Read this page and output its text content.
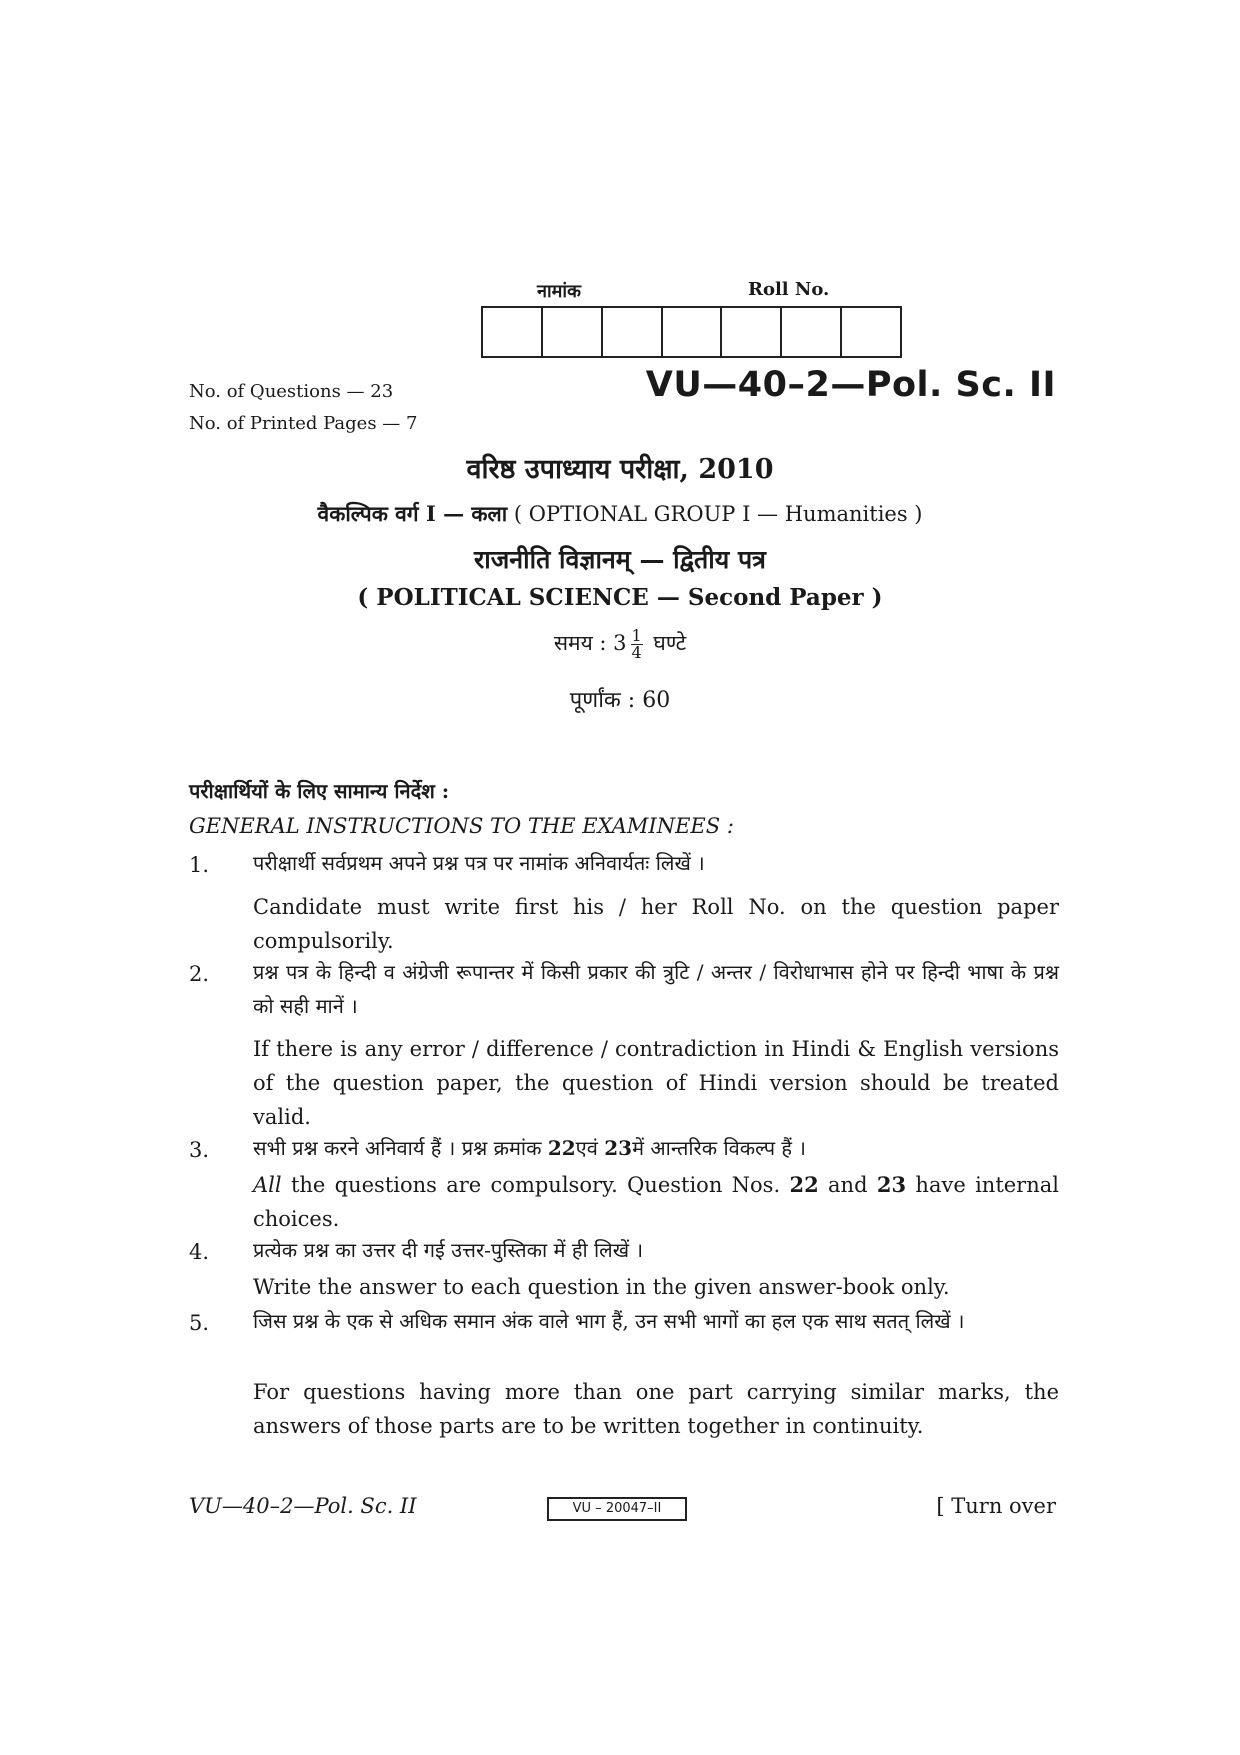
नामांक	Roll No.
No. of Questions — 23
No. of Printed Pages — 7
VU—40–2—Pol. Sc. II
वरिष्ठ उपाध्याय परीक्षा, 2010
वैकल्पिक वर्ग I — कला ( OPTIONAL GROUP I — Humanities )
राजनीति विज्ञानम् — द्वितीय पत्र
( POLITICAL SCIENCE — Second Paper )
समय : $3 \frac{1}{4}$ घण्टे
पूर्णांक : 60
परीक्षार्थियों के लिए सामान्य निर्देश :
GENERAL INSTRUCTIONS TO THE EXAMINEES :
1. परीक्षार्थी सर्वप्रथम अपने प्रश्न पत्र पर नामांक अनिवार्यतः लिखें ।
Candidate must write first his / her Roll No. on the question paper compulsorily.
2. प्रश्न पत्र के हिन्दी व अंग्रेजी रूपान्तर में किसी प्रकार की त्रुटि / अन्तर / विरोधाभास होने पर हिन्दी भाषा के प्रश्न को सही मानें ।
If there is any error / difference / contradiction in Hindi & English versions of the question paper, the question of Hindi version should be treated valid.
3. सभी प्रश्न करने अनिवार्य हैं । प्रश्न क्रमांक 22एवं 23में आन्तरिक विकल्प हैं ।
All the questions are compulsory. Question Nos. 22 and 23 have internal choices.
4. प्रत्येक प्रश्न का उत्तर दी गई उत्तर-पुस्तिका में ही लिखें ।
Write the answer to each question in the given answer-book only.
5. जिस प्रश्न के एक से अधिक समान अंक वाले भाग हैं, उन सभी भागों का हल एक साथ सतत् लिखें ।
For questions having more than one part carrying similar marks, the answers of those parts are to be written together in continuity.
VU—40–2—Pol. Sc. II	VU – 20047–II	[ Turn over
